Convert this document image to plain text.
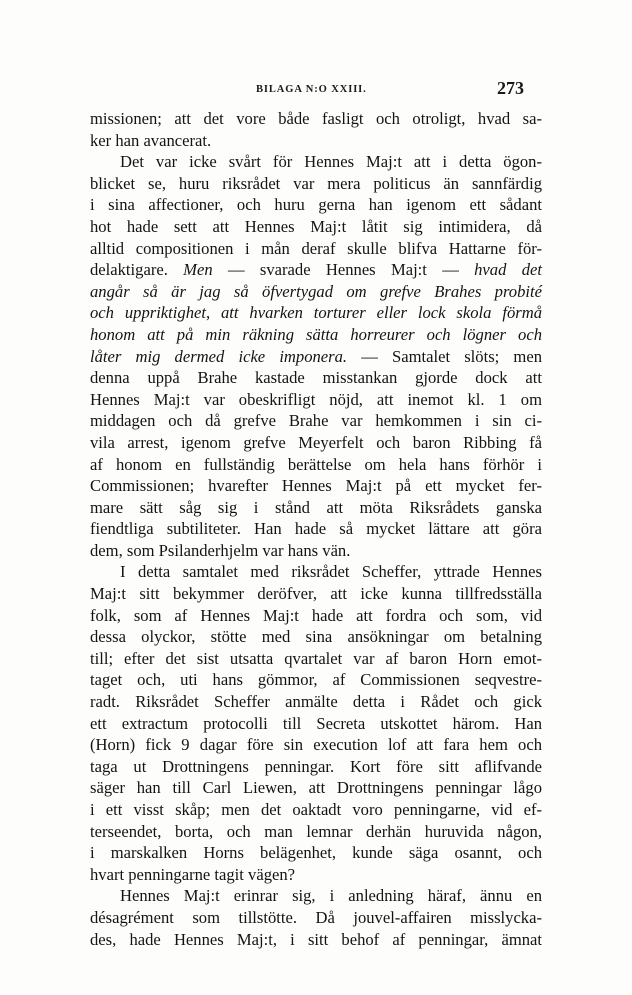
BILAGA N:O XXIII.	273
missionen; att det vore både fasligt och otroligt, hvad sa-
ker han avancerat.
Det var icke svårt för Hennes Maj:t att i detta ögon-
blicket se, huru riksrådet var mera politicus än sannfärdig
i sina affectioner, och huru gerna han igenom ett sådant
hot hade sett att Hennes Maj:t låtit sig intimidera, då
alltid compositionen i mån deraf skulle blifva Hattarne för-
delaktigare. Men — svarade Hennes Maj:t — hvad det
angår så är jag så öfvertygad om grefve Brahes probité
och uppriktighet, att hvarken torturer eller lock skola förmå
honom att på min räkning sätta horreurer och lögner och
låter mig dermed icke imponera. — Samtalet slöts; men
denna uppå Brahe kastade misstankan gjorde dock att
Hennes Maj:t var obeskrifligt nöjd, att inemot kl. 1 om
middagen och då grefve Brahe var hemkommen i sin ci-
vila arrest, igenom grefve Meyerfelt och baron Ribbing få
af honom en fullständig berättelse om hela hans förhör i
Commissionen; hvarefter Hennes Maj:t på ett mycket fer-
mare sätt såg sig i stånd att möta Riksrådets ganska
fiendtliga subtiliteter. Han hade så mycket lättare att göra
dem, som Psilanderhjelm var hans vän.
I detta samtalet med riksrådet Scheffer, yttrade Hennes
Maj:t sitt bekymmer deröfver, att icke kunna tillfredsställa
folk, som af Hennes Maj:t hade att fordra och som, vid
dessa olyckor, stötte med sina ansökningar om betalning
till; efter det sist utsatta qvartalet var af baron Horn emot-
taget och, uti hans gömmor, af Commissionen seqvestre-
radt. Riksrådet Scheffer anmälte detta i Rådet och gick
ett extractum protocolli till Secreta utskottet härom. Han
(Horn) fick 9 dagar före sin execution lof att fara hem och
taga ut Drottningens penningar. Kort före sitt aflifvande
säger han till Carl Liewen, att Drottningens penningar lågo
i ett visst skåp; men det oaktadt voro penningarne, vid ef-
terseendet, borta, och man lemnar derhän huruvida någon,
i marskalken Horns belägenhet, kunde säga osannt, och
hvart penningarne tagit vägen?
Hennes Maj:t erinrar sig, i anledning häraf, ännu en
désagrément som tillstötte. Då jouvel-affairen misslycka-
des, hade Hennes Maj:t, i sitt behof af penningar, ämnat
